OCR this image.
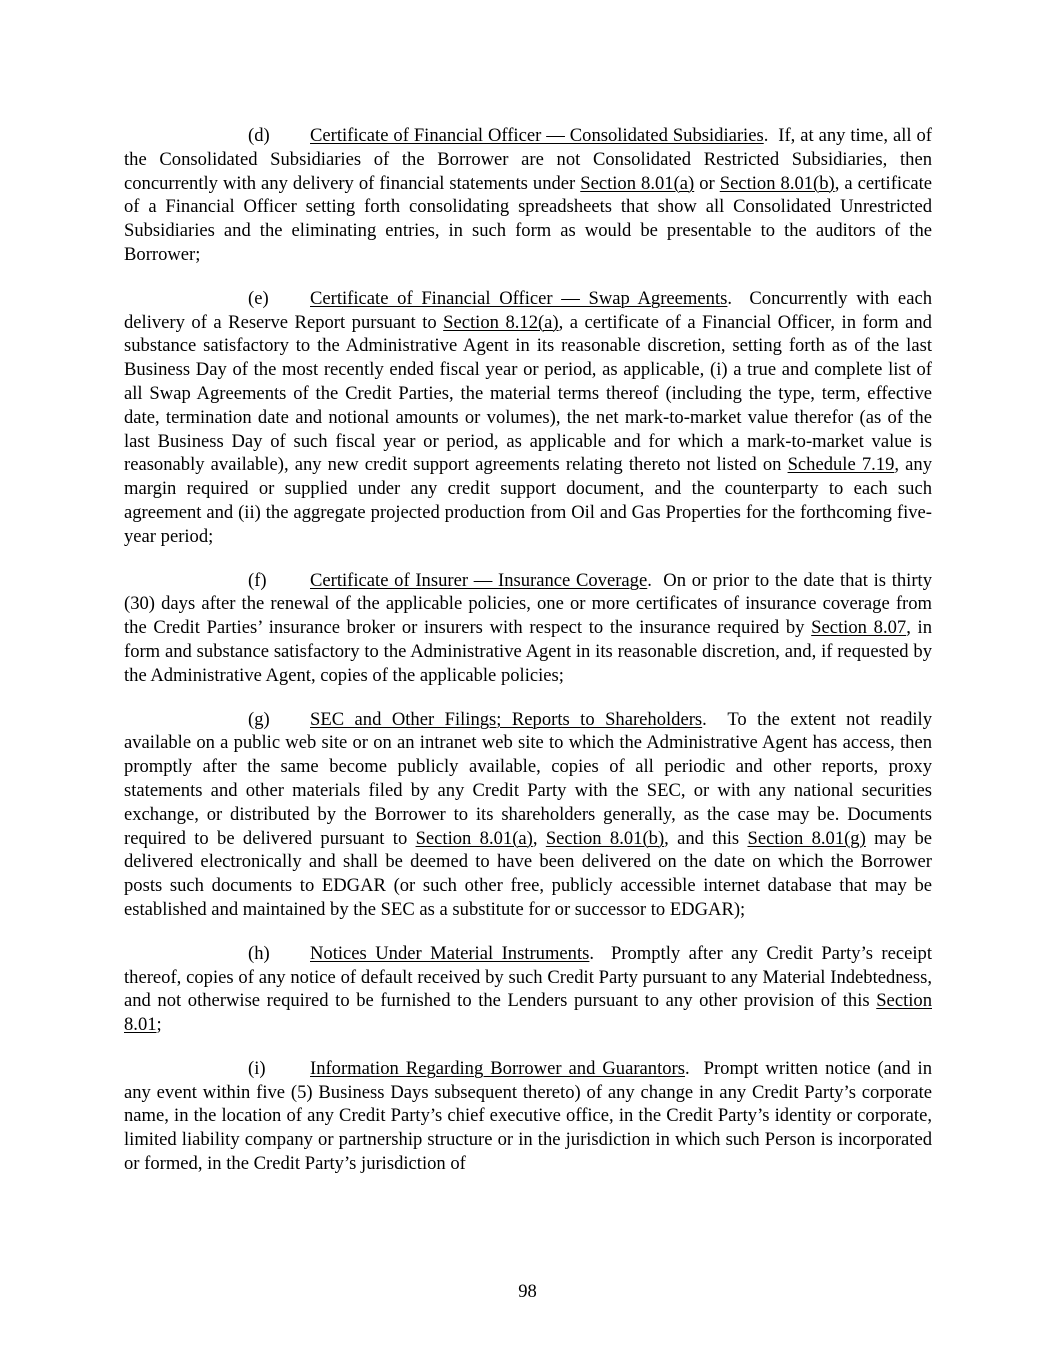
(d) Certificate of Financial Officer — Consolidated Subsidiaries.  If, at any time, all of the Consolidated Subsidiaries of the Borrower are not Consolidated Restricted Subsidiaries, then concurrently with any delivery of financial statements under Section 8.01(a) or Section 8.01(b), a certificate of a Financial Officer setting forth consolidating spreadsheets that show all Consolidated Unrestricted Subsidiaries and the eliminating entries, in such form as would be presentable to the auditors of the Borrower;

(e) Certificate of Financial Officer — Swap Agreements.  Concurrently with each delivery of a Reserve Report pursuant to Section 8.12(a), a certificate of a Financial Officer, in form and substance satisfactory to the Administrative Agent in its reasonable discretion, setting forth as of the last Business Day of the most recently ended fiscal year or period, as applicable, (i) a true and complete list of all Swap Agreements of the Credit Parties, the material terms thereof (including the type, term, effective date, termination date and notional amounts or volumes), the net mark-to-market value therefor (as of the last Business Day of such fiscal year or period, as applicable and for which a mark-to-market value is reasonably available), any new credit support agreements relating thereto not listed on Schedule 7.19, any margin required or supplied under any credit support document, and the counterparty to each such agreement and (ii) the aggregate projected production from Oil and Gas Properties for the forthcoming five-year period;

(f) Certificate of Insurer — Insurance Coverage.  On or prior to the date that is thirty (30) days after the renewal of the applicable policies, one or more certificates of insurance coverage from the Credit Parties’ insurance broker or insurers with respect to the insurance required by Section 8.07, in form and substance satisfactory to the Administrative Agent in its reasonable discretion, and, if requested by the Administrative Agent, copies of the applicable policies;

(g) SEC and Other Filings; Reports to Shareholders.  To the extent not readily available on a public web site or on an intranet web site to which the Administrative Agent has access, then promptly after the same become publicly available, copies of all periodic and other reports, proxy statements and other materials filed by any Credit Party with the SEC, or with any national securities exchange, or distributed by the Borrower to its shareholders generally, as the case may be. Documents required to be delivered pursuant to Section 8.01(a), Section 8.01(b), and this Section 8.01(g) may be delivered electronically and shall be deemed to have been delivered on the date on which the Borrower posts such documents to EDGAR (or such other free, publicly accessible internet database that may be established and maintained by the SEC as a substitute for or successor to EDGAR);

(h) Notices Under Material Instruments.  Promptly after any Credit Party’s receipt thereof, copies of any notice of default received by such Credit Party pursuant to any Material Indebtedness, and not otherwise required to be furnished to the Lenders pursuant to any other provision of this Section 8.01;

(i) Information Regarding Borrower and Guarantors.  Prompt written notice (and in any event within five (5) Business Days subsequent thereto) of any change in any Credit Party’s corporate name, in the location of any Credit Party’s chief executive office, in the Credit Party’s identity or corporate, limited liability company or partnership structure or in the jurisdiction in which such Person is incorporated or formed, in the Credit Party’s jurisdiction of

98
